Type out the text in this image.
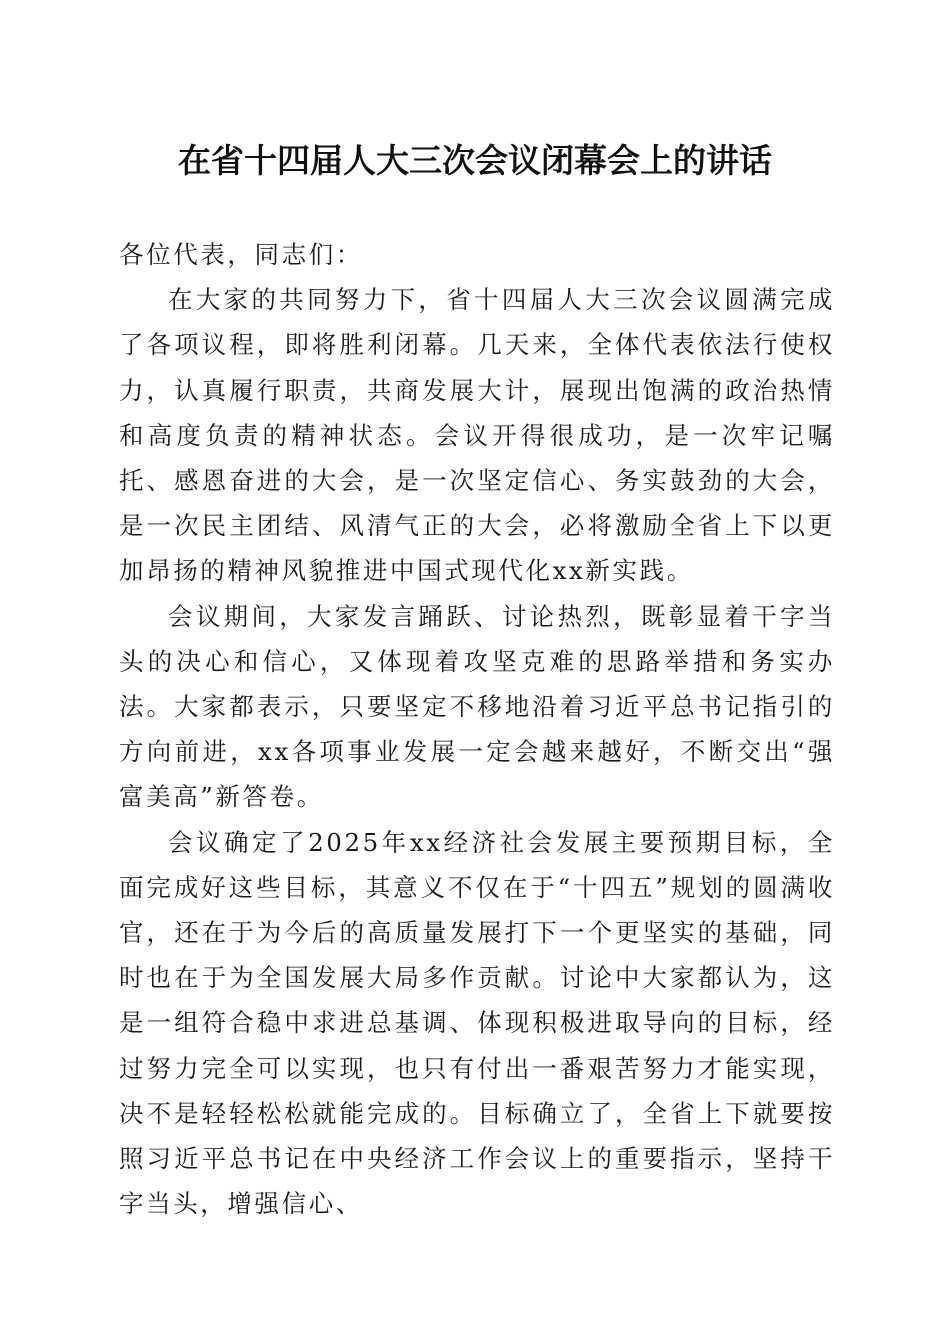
在省十四届人大三次会议闭幕会上的讲话

各位代表，同志们：

在大家的共同努力下，省十四届人大三次会议圆满完成了各项议程，即将胜利闭幕。几天来，全体代表依法行使权力，认真履行职责，共商发展大计，展现出饱满的政治热情和高度负责的精神状态。会议开得很成功，是一次牢记嘱托、感恩奋进的大会，是一次坚定信心、务实鼓劲的大会，是一次民主团结、风清气正的大会，必将激励全省上下以更加昂扬的精神风貌推进中国式现代化xx新实践。

会议期间，大家发言踊跃、讨论热烈，既彰显着干字当头的决心和信心，又体现着攻坚克难的思路举措和务实办法。大家都表示，只要坚定不移地沿着习近平总书记指引的方向前进，xx各项事业发展一定会越来越好，不断交出“强富美高”新答卷。

会议确定了2025年xx经济社会发展主要预期目标，全面完成好这些目标，其意义不仅在于“十四五”规划的圆满收官，还在于为今后的高质量发展打下一个更坚实的基础，同时也在于为全国发展大局多作贡献。讨论中大家都认为，这是一组符合稳中求进总基调、体现积极进取导向的目标，经过努力完全可以实现，也只有付出一番艰苦努力才能实现，决不是轻轻松松就能完成的。目标确立了，全省上下就要按照习近平总书记在中央经济工作会议上的重要指示，坚持干字当头，增强信心、
